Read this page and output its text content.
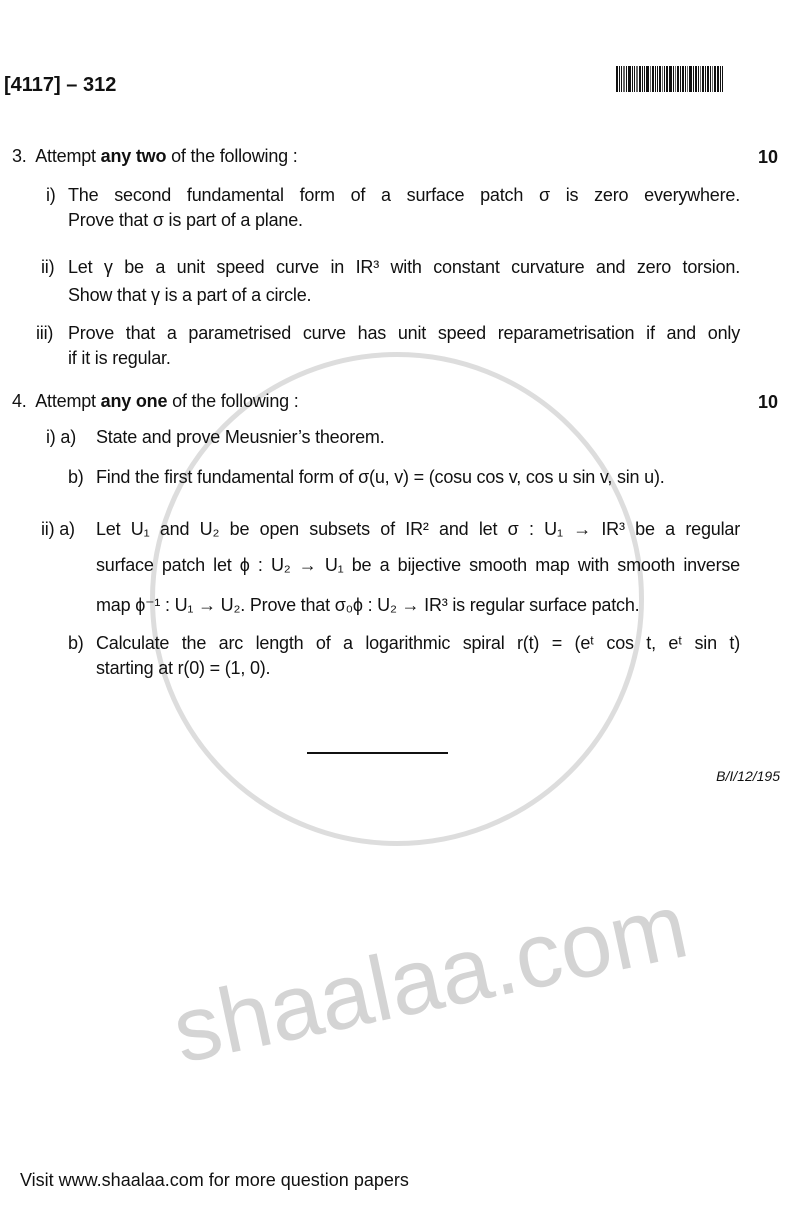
shaalaa.com
[4117] – 312
3. Attempt any two of the following :	10
i) The second fundamental form of a surface patch σ is zero everywhere.
Prove that σ is part of a plane.
ii) Let γ be a unit speed curve in IR³ with constant curvature and zero torsion.
Show that γ is a part of a circle.
iii) Prove that a parametrised curve has unit speed reparametrisation if and only
if it is regular.
4. Attempt any one of the following :	10
i) a) State and prove Meusnier’s theorem.
b) Find the first fundamental form of σ(u, v) = (cosu cos v, cos u sin v, sin u).
ii) a) Let U₁ and U₂ be open subsets of IR² and let σ : U₁ → IR³ be a regular
surface patch let ϕ : U₂ → U₁ be a bijective smooth map with smooth inverse
map ϕ⁻¹ : U₁ → U₂. Prove that σ₀ϕ : U₂ → IR³ is regular surface patch.
b) Calculate the arc length of a logarithmic spiral r(t) = (eᵗ cos t, eᵗ sin t)
starting at r(0) = (1, 0).
B/I/12/195
Visit www.shaalaa.com for more question papers
